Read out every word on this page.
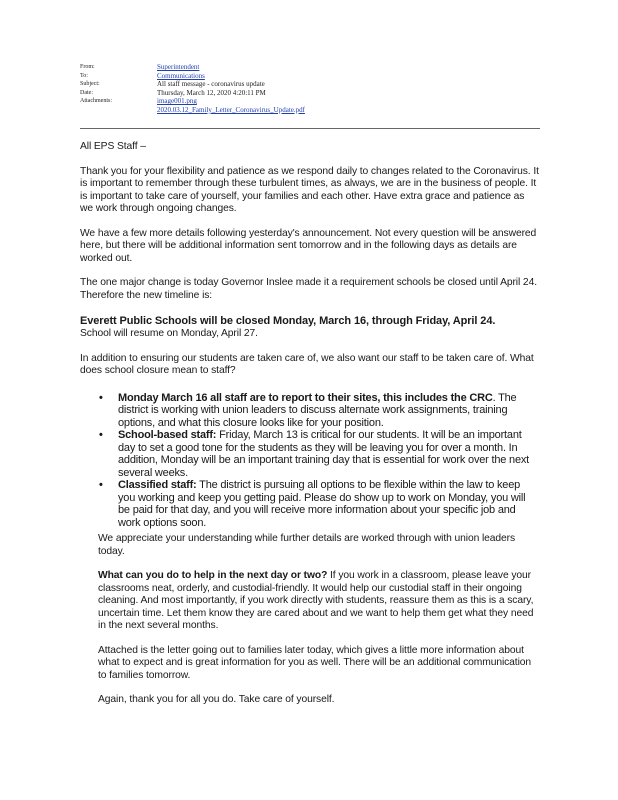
From:	Superintendent
To:	Communications
Subject:	All staff message - coronavirus update
Date:	Thursday, March 12, 2020 4:20:11 PM
Attachments:	image001.png
2020.03.12_Family_Letter_Coronavirus_Update.pdf

All EPS Staff –

Thank you for your flexibility and patience as we respond daily to changes related to the Coronavirus. It is important to remember through these turbulent times, as always, we are in the business of people. It is important to take care of yourself, your families and each other. Have extra grace and patience as we work through ongoing changes.

We have a few more details following yesterday's announcement. Not every question will be answered here, but there will be additional information sent tomorrow and in the following days as details are worked out.

The one major change is today Governor Inslee made it a requirement schools be closed until April 24. Therefore the new timeline is:

Everett Public Schools will be closed Monday, March 16, through Friday, April 24.
School will resume on Monday, April 27.

In addition to ensuring our students are taken care of, we also want our staff to be taken care of. What does school closure mean to staff?

• Monday March 16 all staff are to report to their sites, this includes the CRC. The district is working with union leaders to discuss alternate work assignments, training options, and what this closure looks like for your position.
• School-based staff: Friday, March 13 is critical for our students. It will be an important day to set a good tone for the students as they will be leaving you for over a month. In addition, Monday will be an important training day that is essential for work over the next several weeks.
• Classified staff: The district is pursuing all options to be flexible within the law to keep you working and keep you getting paid. Please do show up to work on Monday, you will be paid for that day, and you will receive more information about your specific job and work options soon.

We appreciate your understanding while further details are worked through with union leaders today.

What can you do to help in the next day or two? If you work in a classroom, please leave your classrooms neat, orderly, and custodial-friendly. It would help our custodial staff in their ongoing cleaning. And most importantly, if you work directly with students, reassure them as this is a scary, uncertain time. Let them know they are cared about and we want to help them get what they need in the next several months.

Attached is the letter going out to families later today, which gives a little more information about what to expect and is great information for you as well. There will be an additional communication to families tomorrow.

Again, thank you for all you do. Take care of yourself.
